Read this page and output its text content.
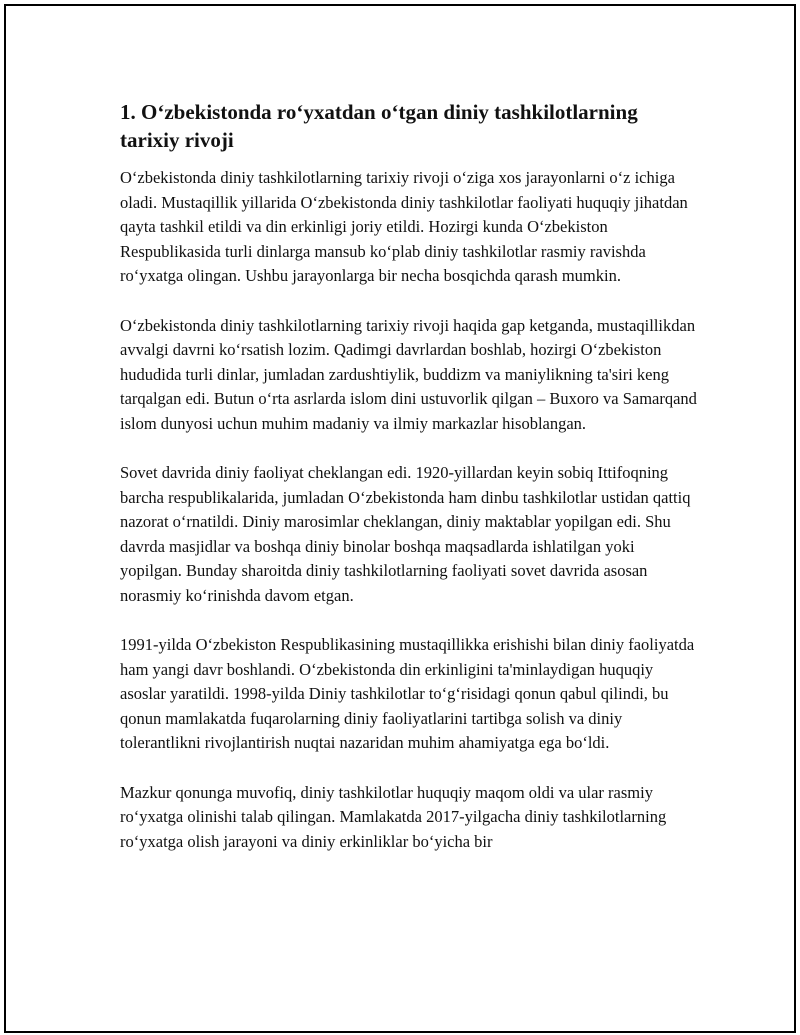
1. O‘zbekistonda ro‘yxatdan o‘tgan diniy tashkilotlarning tarixiy rivoji

O‘zbekistonda diniy tashkilotlarning tarixiy rivoji o‘ziga xos jarayonlarni o‘z ichiga oladi. Mustaqillik yillarida O‘zbekistonda diniy tashkilotlar faoliyati huquqiy jihatdan qayta tashkil etildi va din erkinligi joriy etildi. Hozirgi kunda O‘zbekiston Respublikasida turli dinlarga mansub ko‘plab diniy tashkilotlar rasmiy ravishda ro‘yxatga olingan. Ushbu jarayonlarga bir necha bosqichda qarash mumkin.

O‘zbekistonda diniy tashkilotlarning tarixiy rivoji haqida gap ketganda, mustaqillikdan avvalgi davrni ko‘rsatish lozim. Qadimgi davrlardan boshlab, hozirgi O‘zbekiston hududida turli dinlar, jumladan zardushtiylik, buddizm va maniylikning ta'siri keng tarqalgan edi. Butun o‘rta asrlarda islom dini ustuvorlik qilgan – Buxoro va Samarqand islom dunyosi uchun muhim madaniy va ilmiy markazlar hisoblangan.

Sovet davrida diniy faoliyat cheklangan edi. 1920-yillardan keyin sobiq Ittifoqning barcha respublikalarida, jumladan O‘zbekistonda ham dinbu tashkilotlar ustidan qattiq nazorat o‘rnatildi. Diniy marosimlar cheklangan, diniy maktablar yopilgan edi. Shu davrda masjidlar va boshqa diniy binolar boshqa maqsadlarda ishlatilgan yoki yopilgan. Bunday sharoitda diniy tashkilotlarning faoliyati sovet davrida asosan norasmiy ko‘rinishda davom etgan.

1991-yilda O‘zbekiston Respublikasining mustaqillikka erishishi bilan diniy faoliyatda ham yangi davr boshlandi. O‘zbekistonda din erkinligini ta'minlaydigan huquqiy asoslar yaratildi. 1998-yilda Diniy tashkilotlar to‘g‘risidagi qonun qabul qilindi, bu qonun mamlakatda fuqarolarning diniy faoliyatlarini tartibga solish va diniy tolerantlikni rivojlantirish nuqtai nazaridan muhim ahamiyatga ega bo‘ldi.

Mazkur qonunga muvofiq, diniy tashkilotlar huquqiy maqom oldi va ular rasmiy ro‘yxatga olinishi talab qilingan. Mamlakatda 2017-yilgacha diniy tashkilotlarning ro‘yxatga olish jarayoni va diniy erkinliklar bo‘yicha bir
